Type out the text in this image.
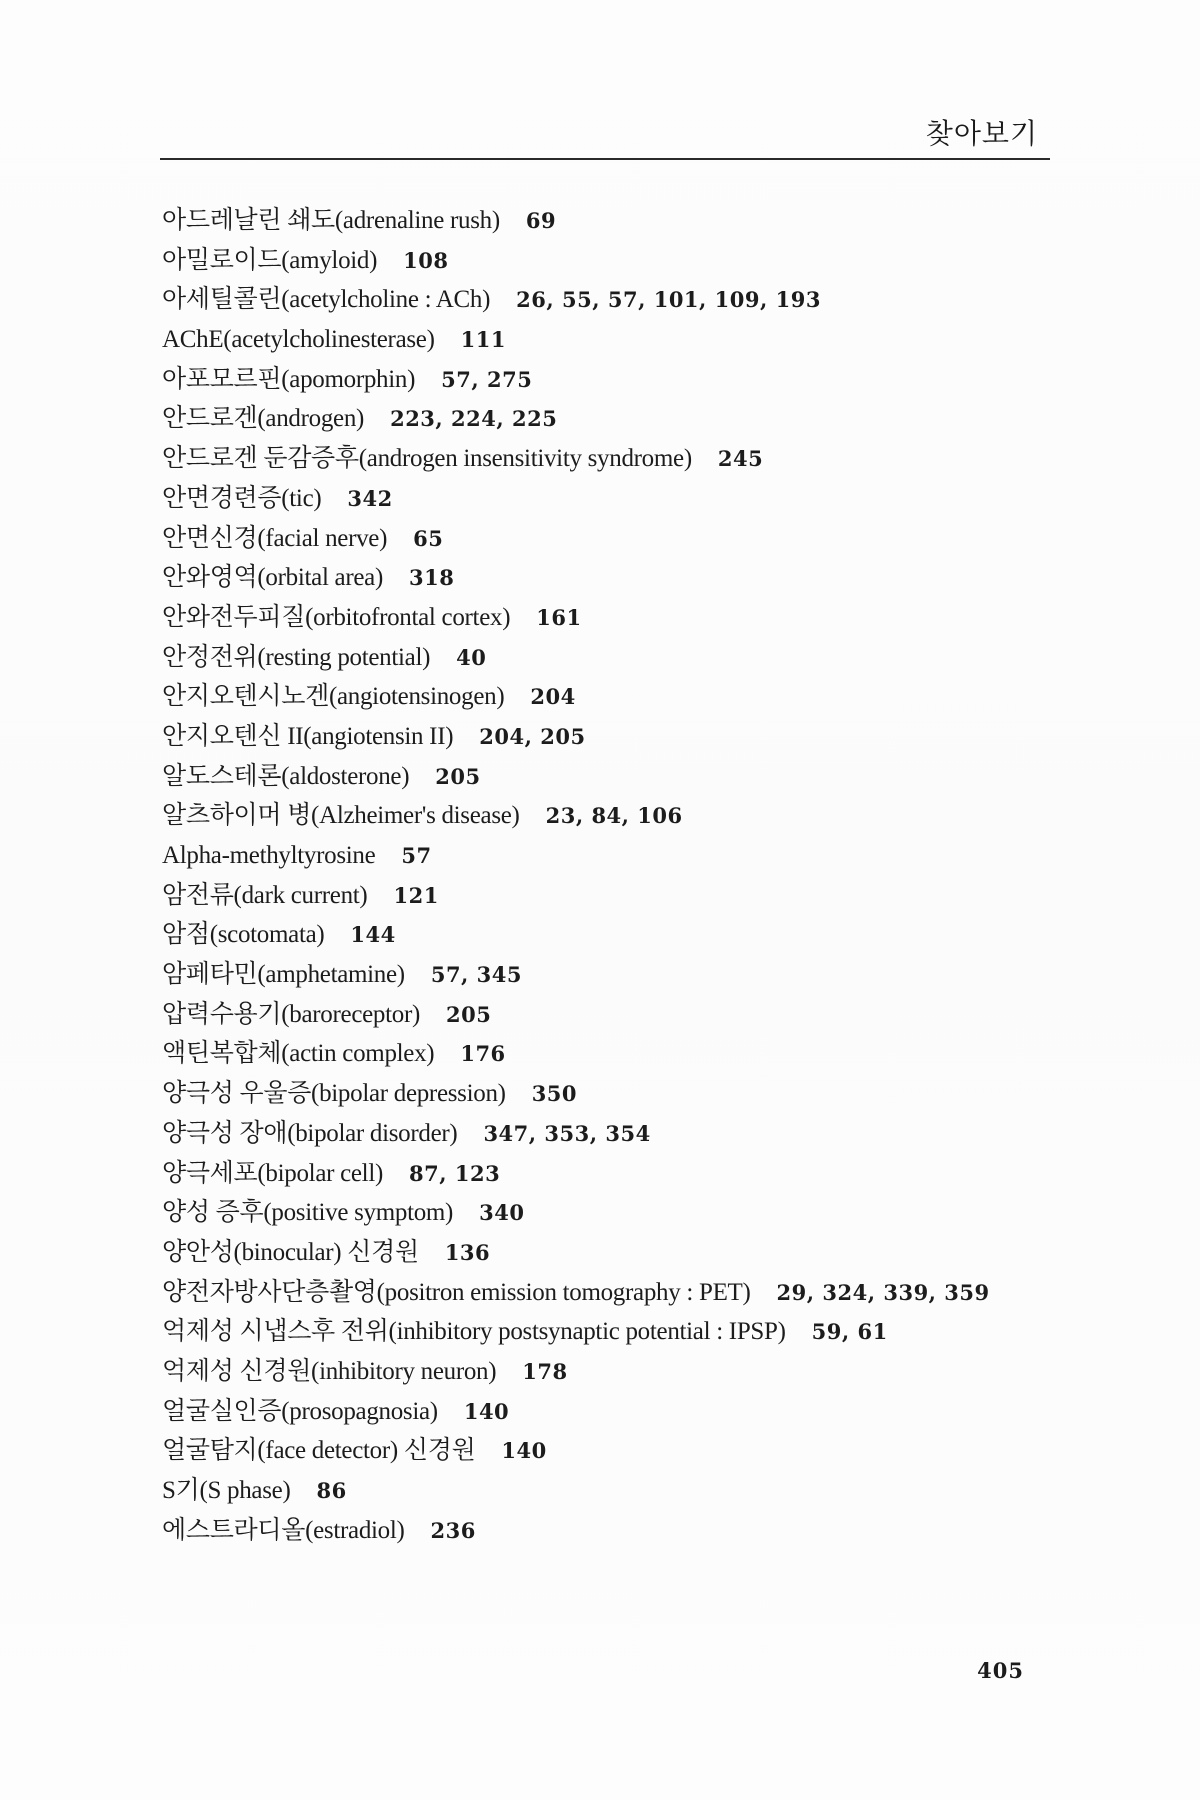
찾아보기
아드레날린 쇄도(adrenaline rush) 69
아밀로이드(amyloid) 108
아세틸콜린(acetylcholine : ACh) 26, 55, 57, 101, 109, 193
AChE(acetylcholinesterase) 111
아포모르핀(apomorphin) 57, 275
안드로겐(androgen) 223, 224, 225
안드로겐 둔감증후(androgen insensitivity syndrome) 245
안면경련증(tic) 342
안면신경(facial nerve) 65
안와영역(orbital area) 318
안와전두피질(orbitofrontal cortex) 161
안정전위(resting potential) 40
안지오텐시노겐(angiotensinogen) 204
안지오텐신 II(angiotensin II) 204, 205
알도스테론(aldosterone) 205
알츠하이머 병(Alzheimer's disease) 23, 84, 106
Alpha-methyltyrosine 57
암전류(dark current) 121
암점(scotomata) 144
암페타민(amphetamine) 57, 345
압력수용기(baroreceptor) 205
액틴복합체(actin complex) 176
양극성 우울증(bipolar depression) 350
양극성 장애(bipolar disorder) 347, 353, 354
양극세포(bipolar cell) 87, 123
양성 증후(positive symptom) 340
양안성(binocular) 신경원 136
양전자방사단층촬영(positron emission tomography : PET) 29, 324, 339, 359
억제성 시냅스후 전위(inhibitory postsynaptic potential : IPSP) 59, 61
억제성 신경원(inhibitory neuron) 178
얼굴실인증(prosopagnosia) 140
얼굴탐지(face detector) 신경원 140
S기(S phase) 86
에스트라디올(estradiol) 236
405
